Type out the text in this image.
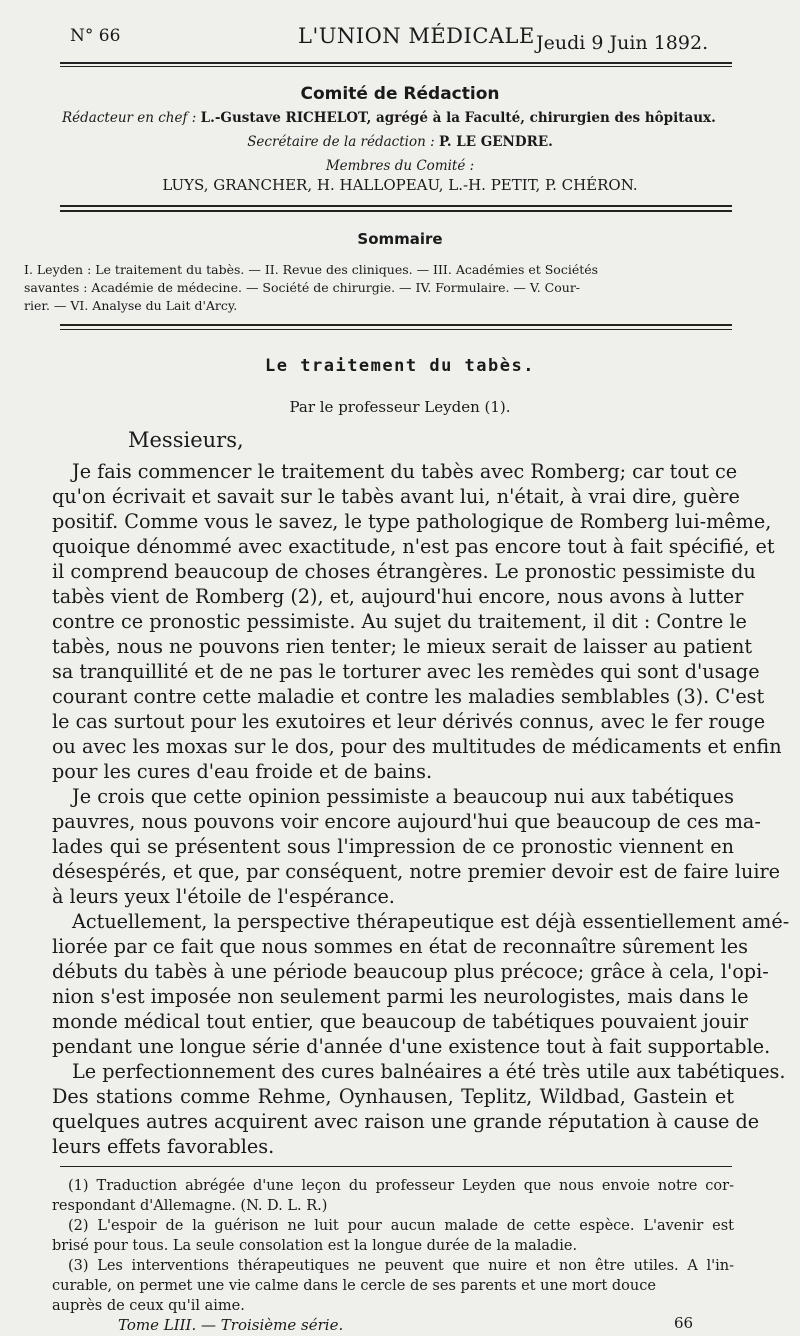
N° 66	L'UNION MÉDICALE Jeudi 9 Juin 1892.
Comité de Rédaction
Rédacteur en chef : L.-Gustave RICHELOT, agrégé à la Faculté, chirurgien des hôpitaux.
Secrétaire de la rédaction : P. LE GENDRE.
Membres du Comité :
LUYS, GRANCHER, H. HALLOPEAU, L.-H. PETIT, P. CHÉRON.
Sommaire
I. Leyden : Le traitement du tabès. — II. Revue des cliniques. — III. Académies et Sociétés
savantes : Académie de médecine. — Société de chirurgie. — IV. Formulaire. — V. Cour-
rier. — VI. Analyse du Lait d'Arcy.
Le traitement du tabès.
Par le professeur Leyden (1).
Messieurs,
Je fais commencer le traitement du tabès avec Romberg; car tout ce
qu'on écrivait et savait sur le tabès avant lui, n'était, à vrai dire, guère
positif. Comme vous le savez, le type pathologique de Romberg lui-même,
quoique dénommé avec exactitude, n'est pas encore tout à fait spécifié, et
il comprend beaucoup de choses étrangères. Le pronostic pessimiste du
tabès vient de Romberg (2), et, aujourd'hui encore, nous avons à lutter
contre ce pronostic pessimiste. Au sujet du traitement, il dit : Contre le
tabès, nous ne pouvons rien tenter; le mieux serait de laisser au patient
sa tranquillité et de ne pas le torturer avec les remèdes qui sont d'usage
courant contre cette maladie et contre les maladies semblables (3). C'est
le cas surtout pour les exutoires et leur dérivés connus, avec le fer rouge
ou avec les moxas sur le dos, pour des multitudes de médicaments et enfin
pour les cures d'eau froide et de bains.
Je crois que cette opinion pessimiste a beaucoup nui aux tabétiques
pauvres, nous pouvons voir encore aujourd'hui que beaucoup de ces ma-
lades qui se présentent sous l'impression de ce pronostic viennent en
désespérés, et que, par conséquent, notre premier devoir est de faire luire
à leurs yeux l'étoile de l'espérance.
Actuellement, la perspective thérapeutique est déjà essentiellement amé-
liorée par ce fait que nous sommes en état de reconnaître sûrement les
débuts du tabès à une période beaucoup plus précoce; grâce à cela, l'opi-
nion s'est imposée non seulement parmi les neurologistes, mais dans le
monde médical tout entier, que beaucoup de tabétiques pouvaient jouir
pendant une longue série d'année d'une existence tout à fait supportable.
Le perfectionnement des cures balnéaires a été très utile aux tabétiques.
Des stations comme Rehme, Oynhausen, Teplitz, Wildbad, Gastein et
quelques autres acquirent avec raison une grande réputation à cause de
leurs effets favorables.
(1) Traduction abrégée d'une leçon du professeur Leyden que nous envoie notre cor-
respondant d'Allemagne. (N. D. L. R.)
(2) L'espoir de la guérison ne luit pour aucun malade de cette espèce. L'avenir est
brisé pour tous. La seule consolation est la longue durée de la maladie.
(3) Les interventions thérapeutiques ne peuvent que nuire et non être utiles. A l'in-
curable, on permet une vie calme dans le cercle de ses parents et une mort douce
auprès de ceux qu'il aime.
Tome LIII. — Troisième série.	66
